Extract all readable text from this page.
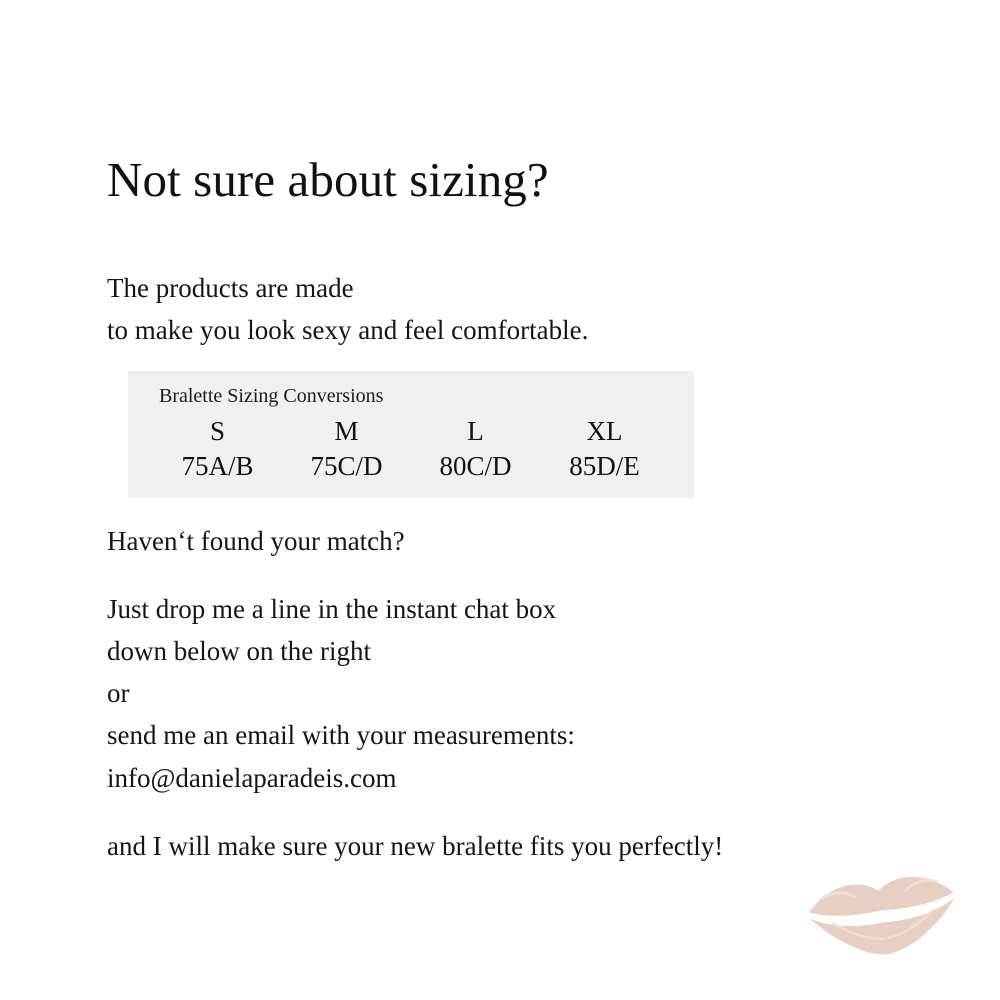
Not sure about sizing?
The products are made
to make you look sexy and feel comfortable.
Bralette Sizing Conversions
	S	M	L	XL	
	75A/B	75C/D	80C/D	85D/E	
Haven‘t found your match?
Just drop me a line in the instant chat box
down below on the right
or
send me an email with your measurements:
info@danielaparadeis.com
and I will make sure your new bralette fits you perfectly!
